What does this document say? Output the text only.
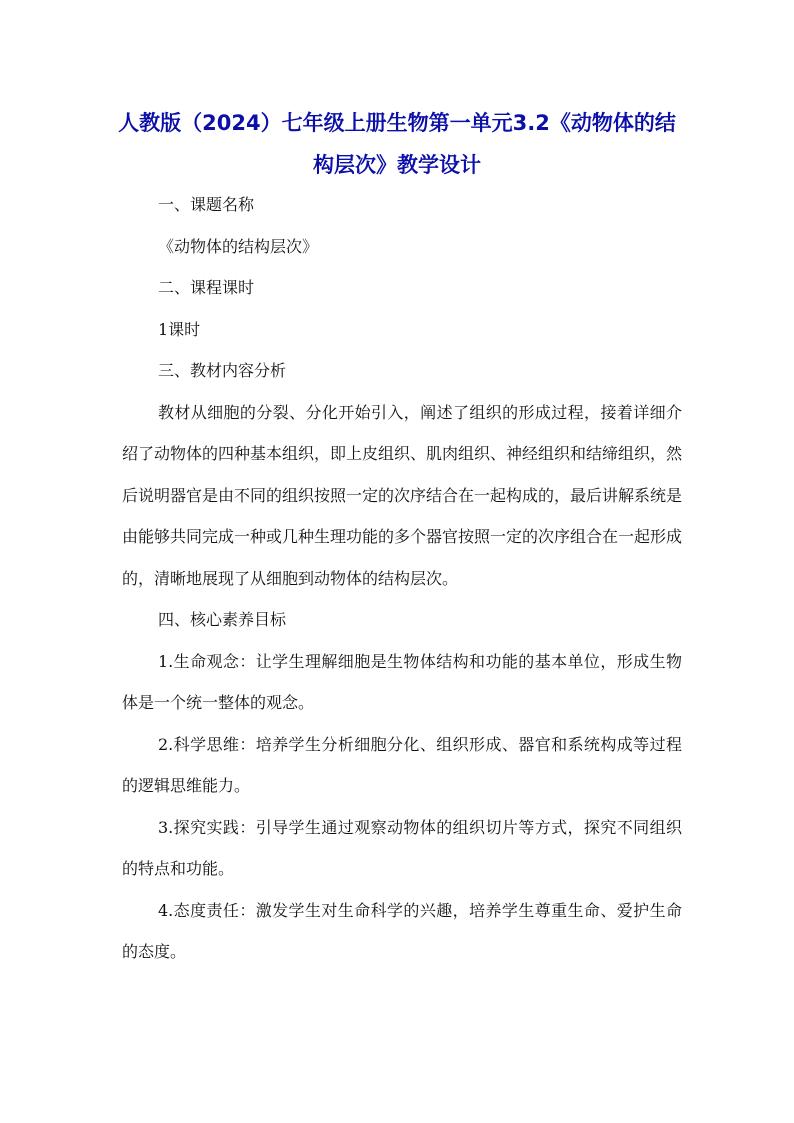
人教版（2024）七年级上册生物第一单元3.2《动物体的结构层次》教学设计

一、课题名称

《动物体的结构层次》

二、课程课时

1课时

三、教材内容分析

教材从细胞的分裂、分化开始引入，阐述了组织的形成过程，接着详细介绍了动物体的四种基本组织，即上皮组织、肌肉组织、神经组织和结缔组织，然后说明器官是由不同的组织按照一定的次序结合在一起构成的，最后讲解系统是由能够共同完成一种或几种生理功能的多个器官按照一定的次序组合在一起形成的，清晰地展现了从细胞到动物体的结构层次。

四、核心素养目标

1.生命观念：让学生理解细胞是生物体结构和功能的基本单位，形成生物体是一个统一整体的观念。

2.科学思维：培养学生分析细胞分化、组织形成、器官和系统构成等过程的逻辑思维能力。

3.探究实践：引导学生通过观察动物体的组织切片等方式，探究不同组织的特点和功能。

4.态度责任：激发学生对生命科学的兴趣，培养学生尊重生命、爱护生命的态度。
